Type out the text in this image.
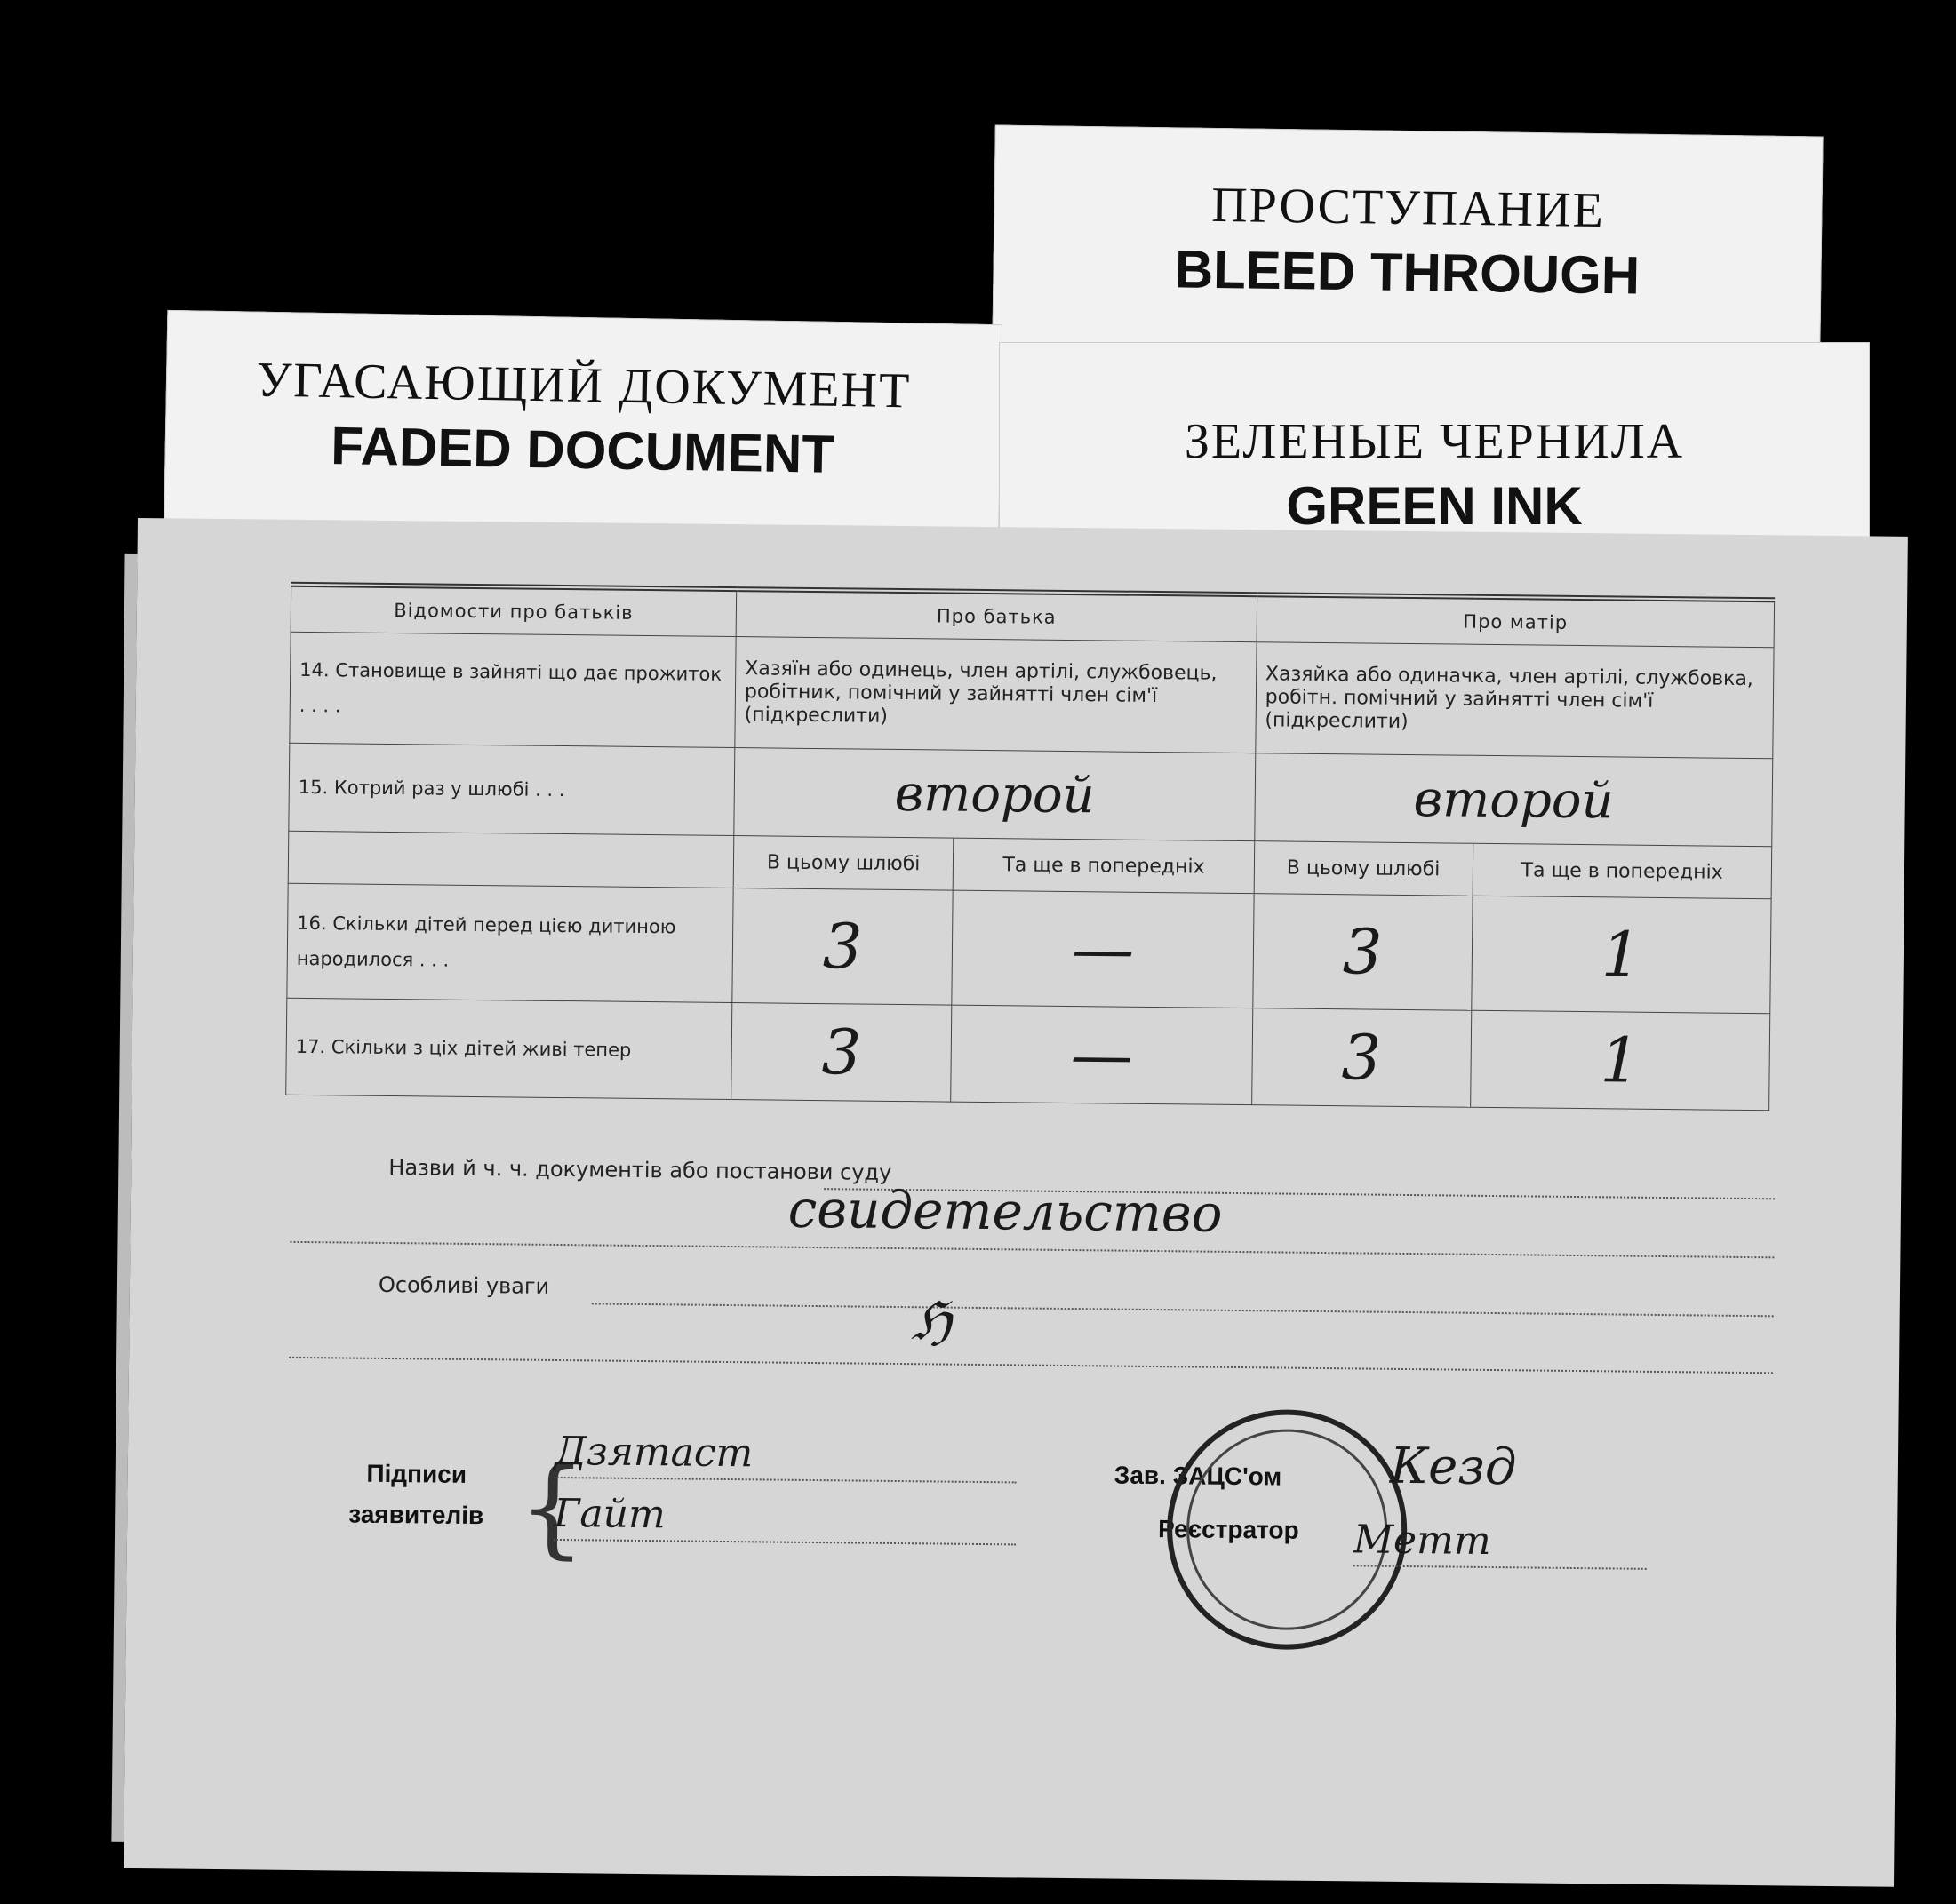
ПРОСТУПАНИЕ
BLEED THROUGH
УГАСАЮЩИЙ ДОКУМЕНТ
FADED DOCUMENT	ЗЕЛЕНЫЕ ЧЕРНИЛА
GREEN INK
Відомости про батьків	Про батька		Про матір	
14. Становище в зайняті що дає прожиток . . . .	Хазяїн або одинець, член артілі, службовець, робітник, помічний у зайнятті член сім'ї (підкреслити)		Хазяйка або одиначка, член артілі, службовка, робітн. помічний у зайнятті член сім'ї (підкреслити)	
15. Котрий раз у шлюбі . . .	второй		второй	
	В цьому шлюбі	Та ще в попередніх	В цьому шлюбі	Та ще в попередніх
16. Скільки дітей перед цією дитиною народилося . . .	3	—	3	1
17. Скільки з ціх дітей живі тепер	3	—	3	1
Назви й ч. ч. документів або постанови суду
свидетельство
Особливі уваги
ℌ
Підписи заявителів {
Дзятаст
Гайт
Зав. ЗАЦС'ом
Реєстратор
Кезд
Метт
